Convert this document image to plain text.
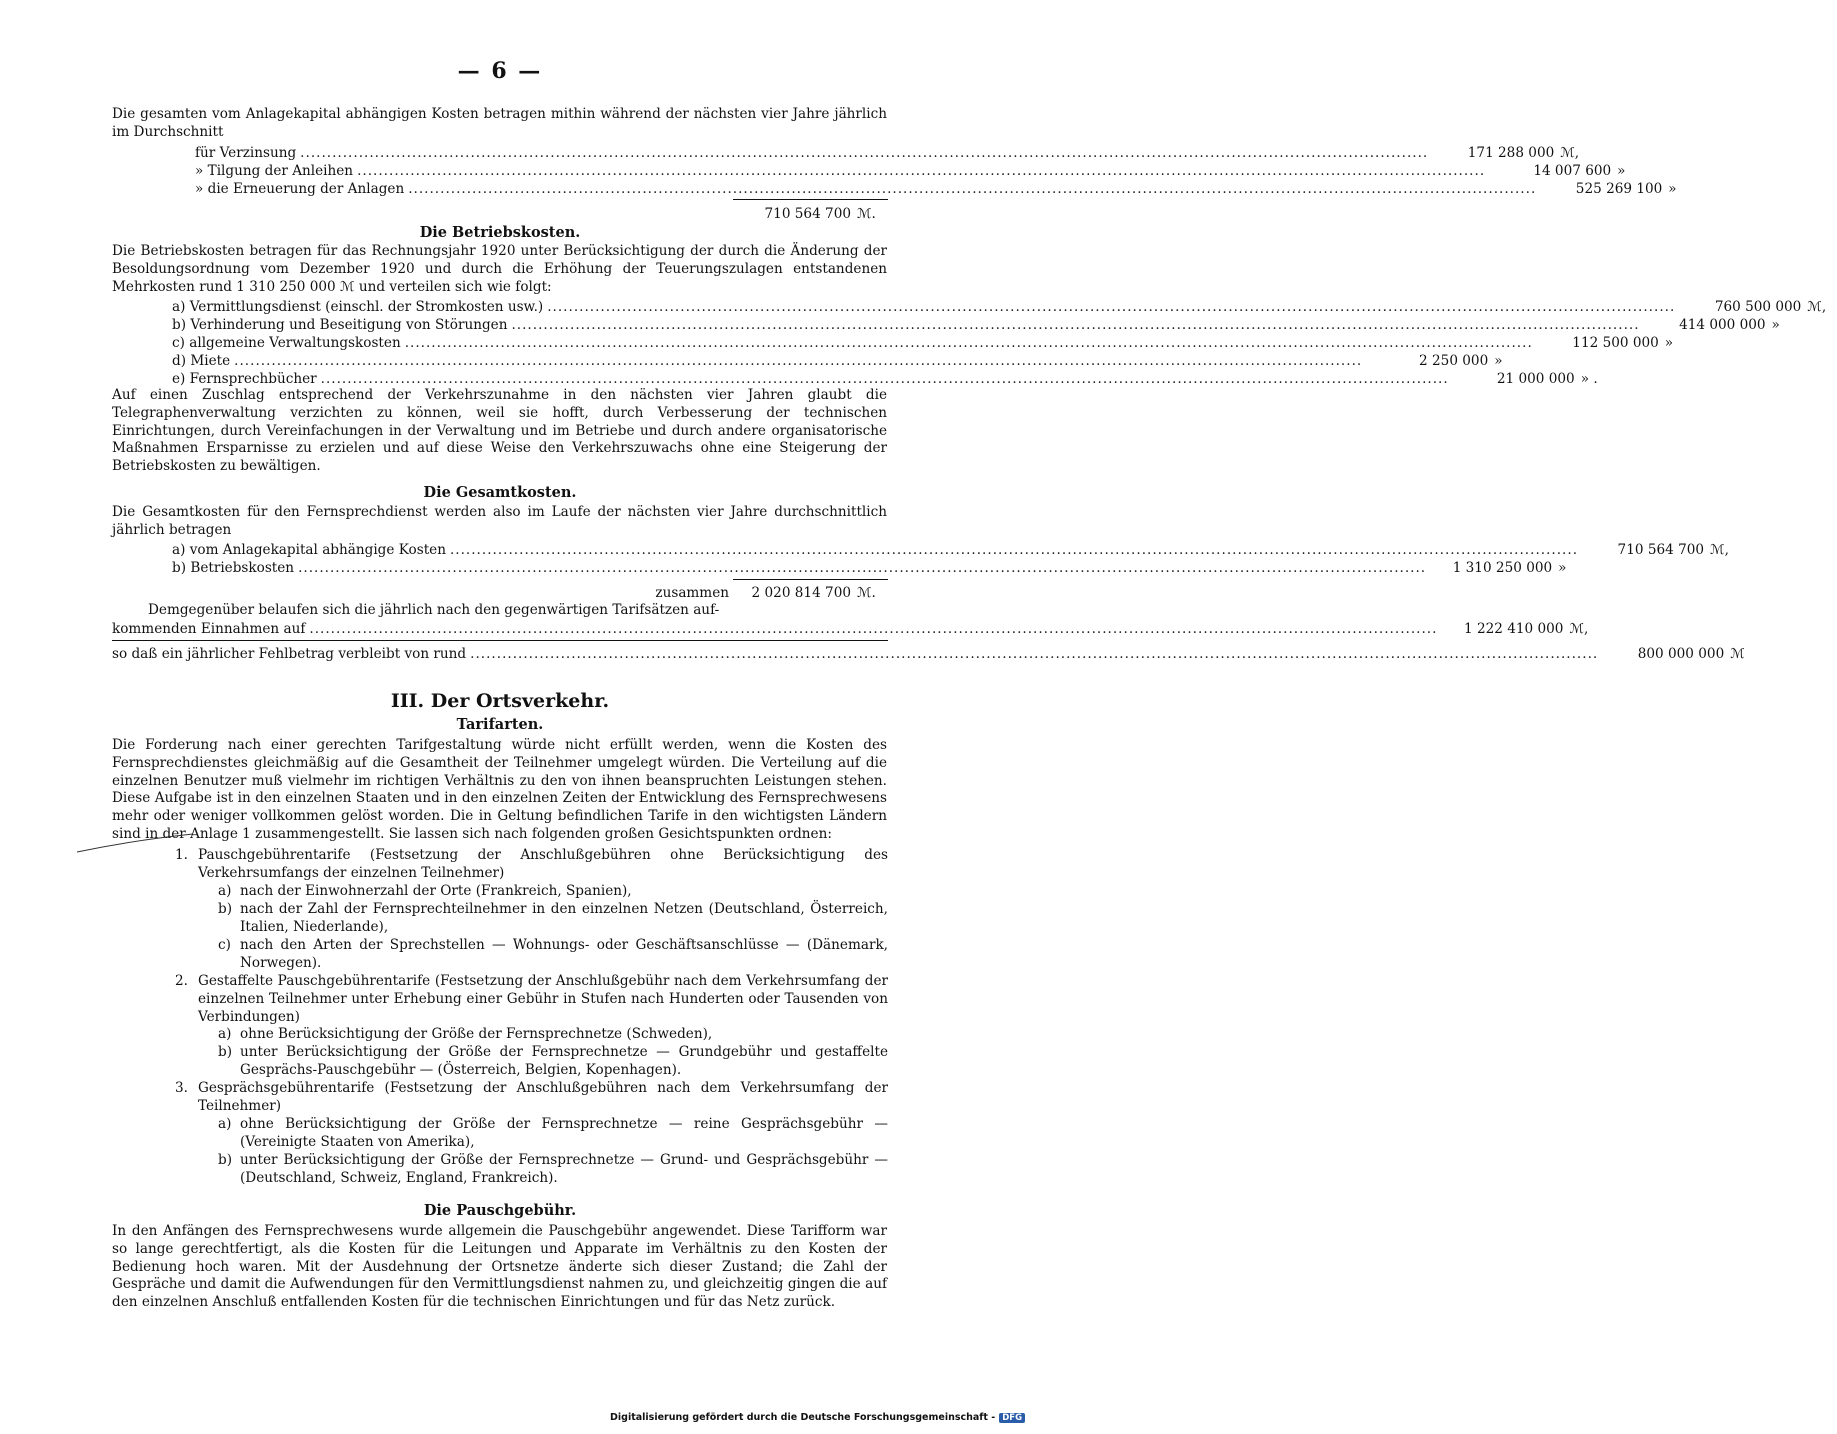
— 6 —

Die gesamten vom Anlagekapital abhängigen Kosten betragen mithin während der nächsten vier Jahre jährlich im Durchschnitt

für Verzinsung .....	171 288 000 ℳ,
» Tilgung der Anleihen .....	14 007 600 »
» die Erneuerung der Anlagen .....	525 269 100 »
710 564 700 ℳ.
Die Betriebskosten.

Die Betriebskosten betragen für das Rechnungsjahr 1920 unter Berücksichtigung der durch die Änderung der Besoldungsordnung vom Dezember 1920 und durch die Erhöhung der Teuerungszulagen entstandenen Mehrkosten rund 1 310 250 000 ℳ und verteilen sich wie folgt:

a) Vermittlungsdienst (einschl. der Stromkosten usw.) .....	760 500 000 ℳ,
b) Verhinderung und Beseitigung von Störungen .....	414 000 000 »
c) allgemeine Verwaltungskosten .....	112 500 000 »
d) Miete .....	2 250 000 »
e) Fernsprechbücher .....	21 000 000 » .

Auf einen Zuschlag entsprechend der Verkehrszunahme in den nächsten vier Jahren glaubt die Telegraphenverwaltung verzichten zu können, weil sie hofft, durch Verbesserung der technischen Einrichtungen, durch Vereinfachungen in der Verwaltung und im Betriebe und durch andere organisatorische Maßnahmen Ersparnisse zu erzielen und auf diese Weise den Verkehrszuwachs ohne eine Steigerung der Betriebskosten zu bewältigen.

Die Gesamtkosten.

Die Gesamtkosten für den Fernsprechdienst werden also im Laufe der nächsten vier Jahre durchschnittlich jährlich betragen

a) vom Anlagekapital abhängige Kosten .....	710 564 700 ℳ,
b) Betriebskosten .....	1 310 250 000 »
zusammen	2 020 814 700 ℳ.

Demgegenüber belaufen sich die jährlich nach den gegenwärtigen Tarifsätzen auf-

kommenden Einnahmen auf .....	1 222 410 000 ℳ,
so daß ein jährlicher Fehlbetrag verbleibt von rund .....	800 000 000 ℳ
III. Der Ortsverkehr.
Tarifarten.

Die Forderung nach einer gerechten Tarifgestaltung würde nicht erfüllt werden, wenn die Kosten des Fernsprechdienstes gleichmäßig auf die Gesamtheit der Teilnehmer umgelegt würden. Die Verteilung auf die einzelnen Benutzer muß vielmehr im richtigen Verhältnis zu den von ihnen beanspruchten Leistungen stehen. Diese Aufgabe ist in den einzelnen Staaten und in den einzelnen Zeiten der Entwicklung des Fernsprechwesens mehr oder weniger vollkommen gelöst worden. Die in Geltung befindlichen Tarife in den wichtigsten Ländern sind in der Anlage 1 zusammengestellt. Sie lassen sich nach folgenden großen Gesichtspunkten ordnen:

1. Pauschgebührentarife (Festsetzung der Anschlußgebühren ohne Berücksichtigung des Verkehrsumfangs der einzelnen Teilnehmer)

a) nach der Einwohnerzahl der Orte (Frankreich, Spanien),

b) nach der Zahl der Fernsprechteilnehmer in den einzelnen Netzen (Deutschland, Österreich, Italien, Niederlande),

c) nach den Arten der Sprechstellen — Wohnungs- oder Geschäftsanschlüsse — (Dänemark, Norwegen).

2. Gestaffelte Pauschgebührentarife (Festsetzung der Anschlußgebühr nach dem Verkehrsumfang der einzelnen Teilnehmer unter Erhebung einer Gebühr in Stufen nach Hunderten oder Tausenden von Verbindungen)

a) ohne Berücksichtigung der Größe der Fernsprechnetze (Schweden),

b) unter Berücksichtigung der Größe der Fernsprechnetze — Grundgebühr und gestaffelte Gesprächs-Pauschgebühr — (Österreich, Belgien, Kopenhagen).

3. Gesprächsgebührentarife (Festsetzung der Anschlußgebühren nach dem Verkehrsumfang der Teilnehmer)

a) ohne Berücksichtigung der Größe der Fernsprechnetze — reine Gesprächsgebühr — (Vereinigte Staaten von Amerika),

b) unter Berücksichtigung der Größe der Fernsprechnetze — Grund- und Gesprächsgebühr — (Deutschland, Schweiz, England, Frankreich).

Die Pauschgebühr.

In den Anfängen des Fernsprechwesens wurde allgemein die Pauschgebühr angewendet. Diese Tarifform war so lange gerechtfertigt, als die Kosten für die Leitungen und Apparate im Verhältnis zu den Kosten der Bedienung hoch waren. Mit der Ausdehnung der Ortsnetze änderte sich dieser Zustand; die Zahl der Gespräche und damit die Aufwendungen für den Vermittlungsdienst nahmen zu, und gleichzeitig gingen die auf den einzelnen Anschluß entfallenden Kosten für die technischen Einrichtungen und für das Netz zurück.

Digitalisierung gefördert durch die Deutsche Forschungsgemeinschaft - DFG
